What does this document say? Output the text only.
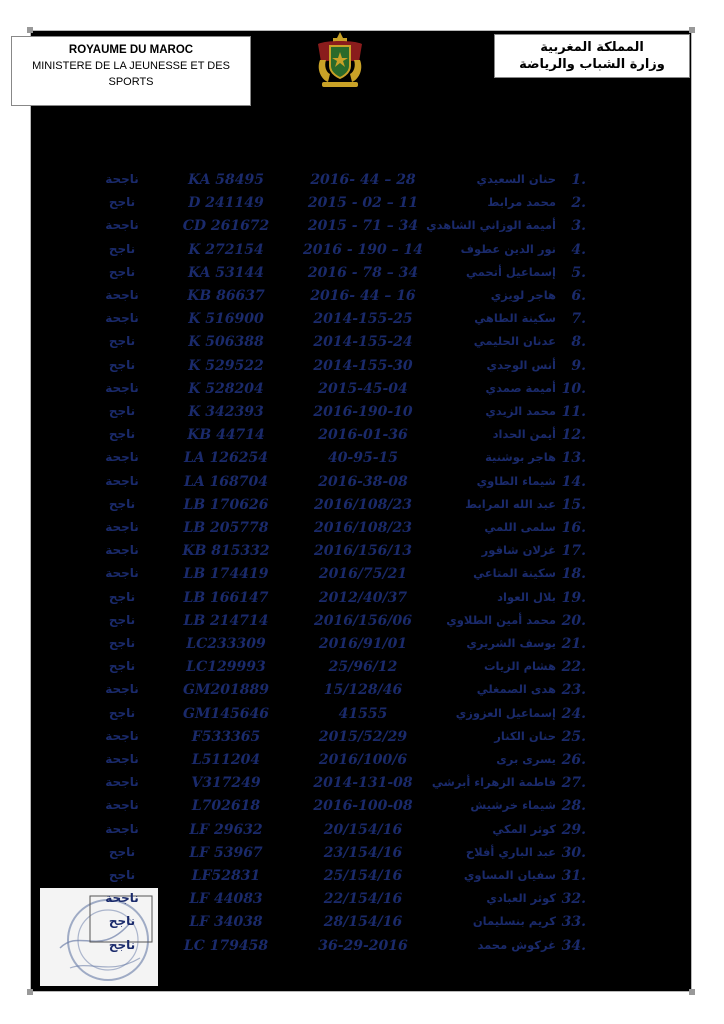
ROYAUME DU MAROC
MINISTERE DE LA JEUNESSE ET DES
SPORTS
المملكة المغربية
وزارة الشباب والرياضة
ناجحة	KA 58495	2016- 44 – 28	حنان السعيدي	1.
ناجح	D 241149	2015 - 02 – 11	محمد مرابط	2.
ناجحة	CD 261672	2015 - 71 – 34 أميمة الوزاني الشاهدي	3.
ناجح	K 272154	2016 - 190 – 14	نور الدين عطوف	4.
ناجح	KA 53144	2016 - 78 – 34	إسماعيل أتحمي	5.
ناجحة	KB 86637	2016- 44 – 16	هاجر لويزي	6.
ناجحة	K 516900	2014-155-25	سكينة الطاهي	7.
ناجح	K 506388	2014-155-24	عدنان الحليمي	8.
ناجح	K 529522	2014-155-30	أنس الوجدي	9.
ناجحة	K 528204	2015-45-04	أميمة صمدي 10.
ناجح	K 342393	2016-190-10	محمد الزيدي 11.
ناجح	KB 44714	2016-01-36	أيمن الحداد 12.
ناجحة	LA 126254	40-95-15	هاجر بوشنية 13.
ناجحة	LA 168704	2016-38-08	شيماء الطاوي 14.
ناجح	LB 170626	2016/108/23	عبد الله المرابط 15.
ناجحة	LB 205778	2016/108/23	سلمى اللمي 16.
ناجحة	KB 815332	2016/156/13	غزلان شاقور 17.
ناجحة	LB 174419	2016/75/21	سكينة المتاعي 18.
ناجح	LB 166147	2012/40/37	بلال العواد 19.
ناجح	LB 214714	2016/156/06	محمد أمين الطلاوي 20.
ناجح	LC233309	2016/91/01	يوسف الشريري 21.
ناجح	LC129993	25/96/12	هشام الزيات 22.
ناجحة	GM201889	15/128/46	هدى الصمغلي 23.
ناجح	GM145646	41555	إسماعيل العزوزي 24.
ناجحة	F533365	2015/52/29	حنان الكنار 25.
ناجحة	L511204	2016/100/6	يسرى برى 26.
ناجحة	V317249	2014-131-08	فاطمة الزهراء أبرشي 27.
ناجحة	L702618	2016-100-08	شيماء خرشيش 28.
ناجحة	LF 29632	20/154/16	كوثر المكي 29.
ناجح	LF 53967	23/154/16	عبد الباري أفلاح 30.
ناجح	LF52831	25/154/16	سفيان المساوي 31.
ناجحة	LF 44083	22/154/16	كوثر العبادي 32.
ناجح	LF 34038	28/154/16	كريم بنسليمان 33.
ناجح	LC 179458	36-29-2016	غركوش محمد 34.
